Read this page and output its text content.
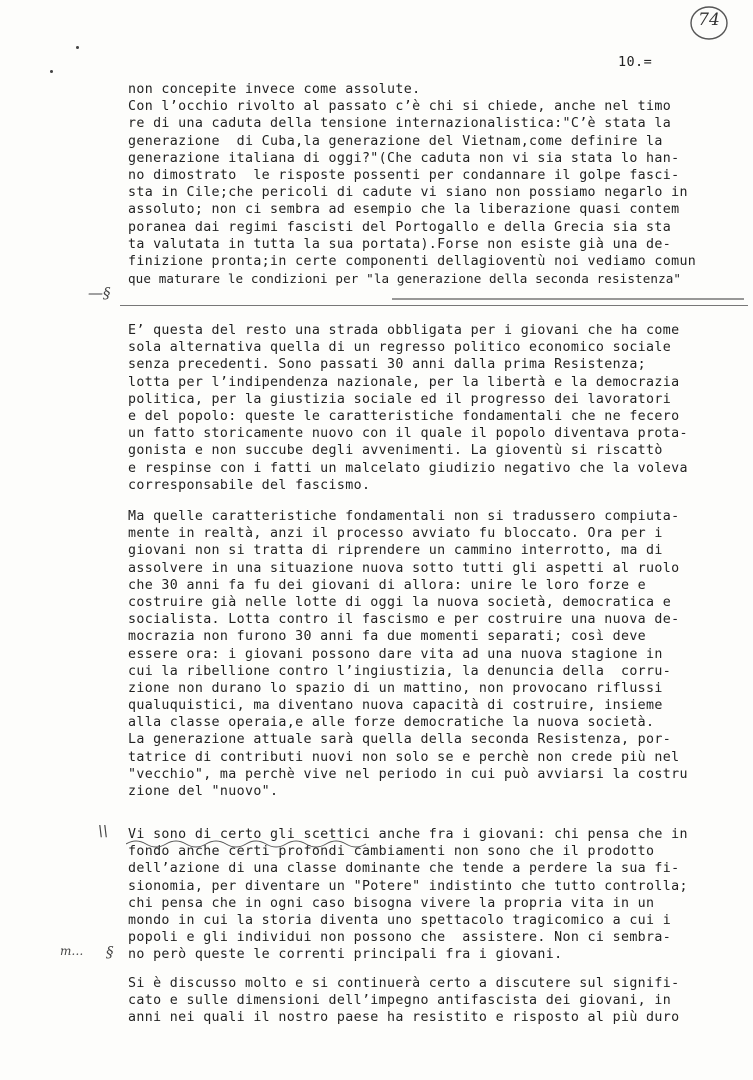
74
10.=
non concepite invece come assolute.
Con l’occhio rivolto al passato c’è chi si chiede, anche nel timo
re di una caduta della tensione internazionalistica:"C’è stata la
generazione  di Cuba,la generazione del Vietnam,come definire la
generazione italiana di oggi?"(Che caduta non vi sia stata lo han-
no dimostrato  le risposte possenti per condannare il golpe fasci-
sta in Cile;che pericoli di cadute vi siano non possiamo negarlo in
assoluto; non ci sembra ad esempio che la liberazione quasi contem
poranea dai regimi fascisti del Portogallo e della Grecia sia sta
ta valutata in tutta la sua portata).Forse non esiste già una de-
finizione pronta;in certe componenti dellagioventù noi vediamo comun
que maturare le condizioni per "la generazione della seconda resistenza"
—§
E’ questa del resto una strada obbligata per i giovani che ha come
sola alternativa quella di un regresso politico economico sociale
senza precedenti. Sono passati 30 anni dalla prima Resistenza;
lotta per l’indipendenza nazionale, per la libertà e la democrazia
politica, per la giustizia sociale ed il progresso dei lavoratori
e del popolo: queste le caratteristiche fondamentali che ne fecero
un fatto storicamente nuovo con il quale il popolo diventava prota-
gonista e non succube degli avvenimenti. La gioventù si riscattò
e respinse con i fatti un malcelato giudizio negativo che la voleva
corresponsabile del fascismo.
Ma quelle caratteristiche fondamentali non si tradussero compiuta-
mente in realtà, anzi il processo avviato fu bloccato. Ora per i
giovani non si tratta di riprendere un cammino interrotto, ma di
assolvere in una situazione nuova sotto tutti gli aspetti al ruolo
che 30 anni fa fu dei giovani di allora: unire le loro forze e
costruire già nelle lotte di oggi la nuova società, democratica e
socialista. Lotta contro il fascismo e per costruire una nuova de-
mocrazia non furono 30 anni fa due momenti separati; così deve
essere ora: i giovani possono dare vita ad una nuova stagione in
cui la ribellione contro l’ingiustizia, la denuncia della  corru-
zione non durano lo spazio di un mattino, non provocano riflussi
qualuquistici, ma diventano nuova capacità di costruire, insieme
alla classe operaia,e alle forze democratiche la nuova società.
La generazione attuale sarà quella della seconda Resistenza, por-
tatrice di contributi nuovi non solo se e perchè non crede più nel
"vecchio", ma perchè vive nel periodo in cui può avviarsi la costru
zione del "nuovo".
\\ Vi sono di certo gli scettici anche fra i giovani: chi pensa che in
fondo anche certi profondi cambiamenti non sono che il prodotto
dell’azione di una classe dominante che tende a perdere la sua fi-
sionomia, per diventare un "Potere" indistinto che tutto controlla;
chi pensa che in ogni caso bisogna vivere la propria vita in un
mondo in cui la storia diventa uno spettacolo tragicomico a cui i
popoli e gli individui non possono che  assistere. Non ci sembra-
no però queste le correnti principali fra i giovani.
m… §
Si è discusso molto e si continuerà certo a discutere sul signifi-
cato e sulle dimensioni dell’impegno antifascista dei giovani, in
anni nei quali il nostro paese ha resistito e risposto al più duro
